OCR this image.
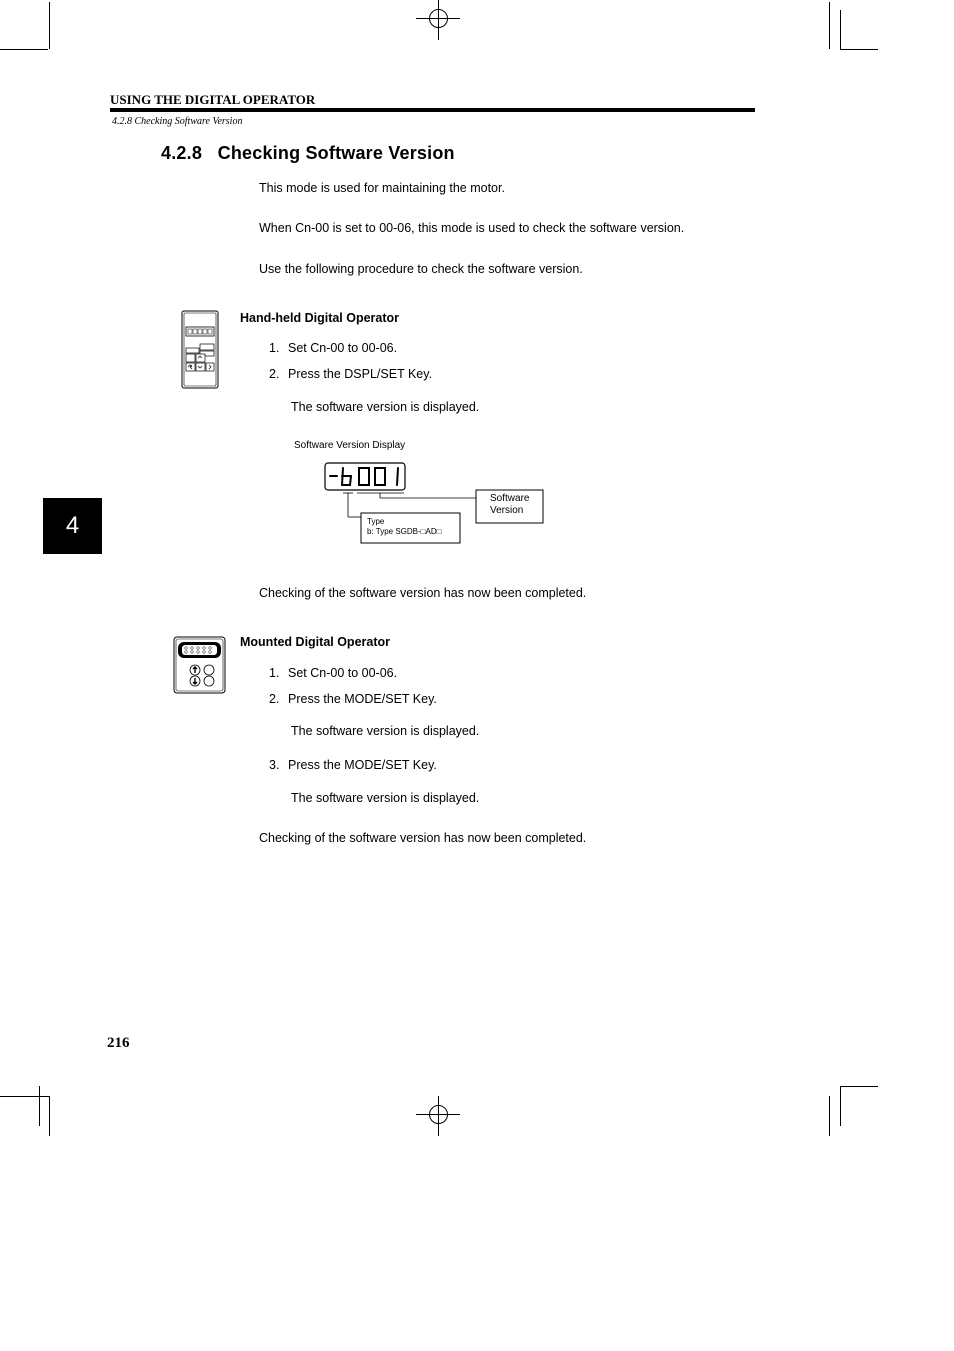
USING THE DIGITAL OPERATOR
4.2.8 Checking Software Version
4
4.2.8 Checking Software Version
This mode is used for maintaining the motor.
When Cn-00 is set to 00-06, this mode is used to check the software version.
Use the following procedure to check the software version.
Hand-held Digital Operator
1. Set Cn-00 to 00-06.
2. Press the DSPL/SET Key.
The software version is displayed.
Software Version Display
Software
Version
Type
b: Type SGDB-□AD□
Checking of the software version has now been completed.
Mounted Digital Operator
1. Set Cn-00 to 00-06.
2. Press the MODE/SET Key.
The software version is displayed.
3. Press the MODE/SET Key.
The software version is displayed.
Checking of the software version has now been completed.
216
